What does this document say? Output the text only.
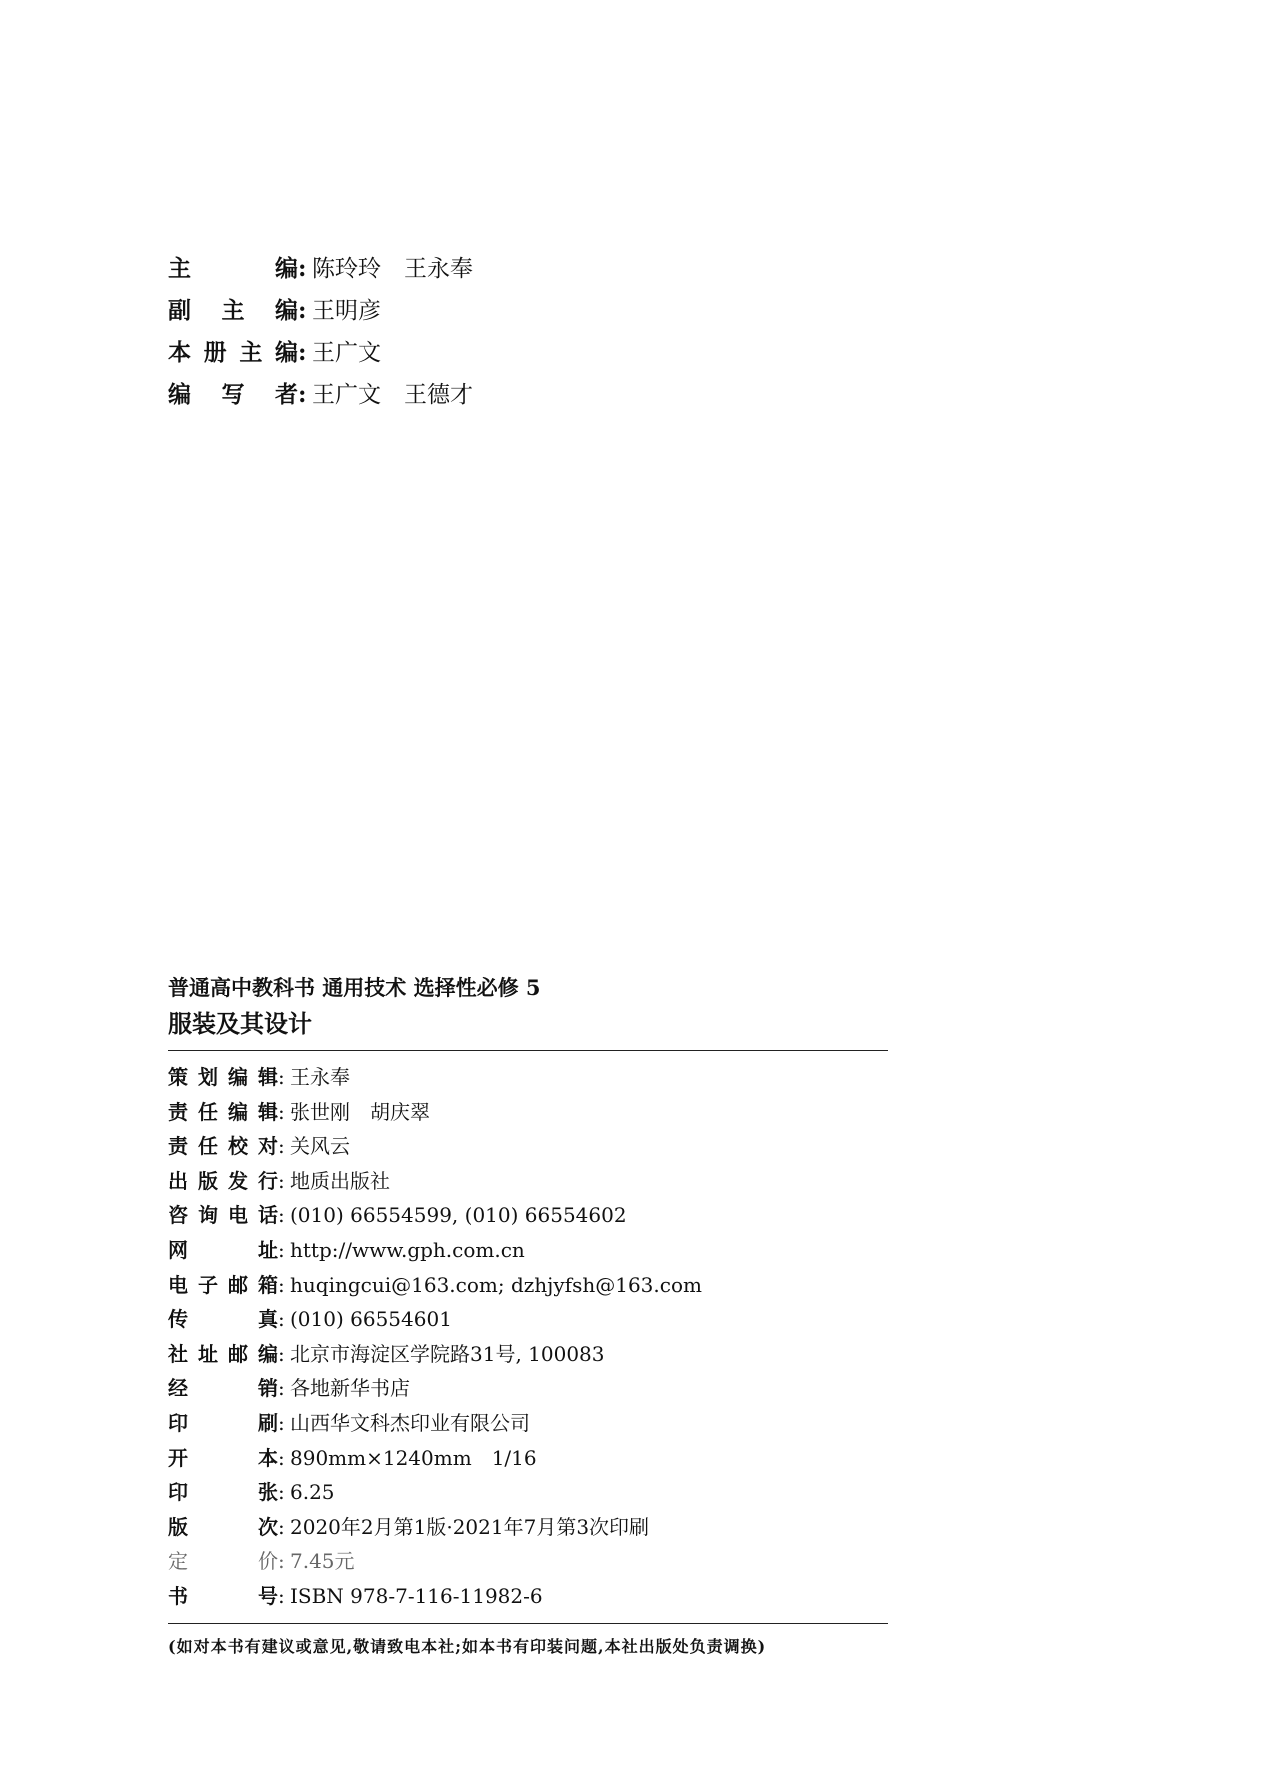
主	编 : 陈玲玲　王永奉
副 主 编 : 王明彦
本 册 主 编 : 王广文
编 写 者 : 王广文　王德才
普通高中教科书 通用技术 选择性必修 5
服装及其设计
策 划 编 辑 : 王永奉
责 任 编 辑 : 张世刚　胡庆翠
责 任 校 对 : 关风云
出 版 发 行 : 地质出版社
咨 询 电 话 : (010) 66554599, (010) 66554602
网	址 : http://www.gph.com.cn
电 子 邮 箱 : huqingcui@163.com; dzhjyfsh@163.com
传	真 : (010) 66554601
社 址 邮 编 : 北京市海淀区学院路31号, 100083
经	销 : 各地新华书店
印	刷 : 山西华文科杰印业有限公司
开	本 : 890mm×1240mm　1/16
印	张 : 6.25
版	次 : 2020年2月第1版·2021年7月第3次印刷
定	价 : 7.45元
书	号 : ISBN 978-7-116-11982-6
(如对本书有建议或意见,敬请致电本社;如本书有印装问题,本社出版处负责调换)
